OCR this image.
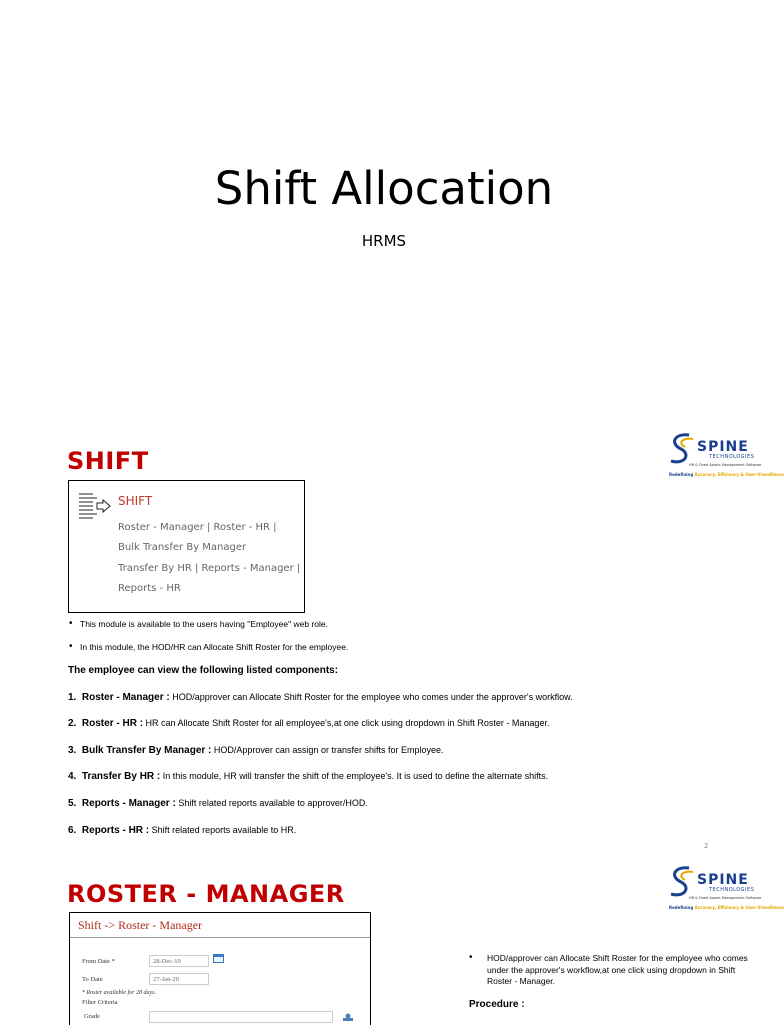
Shift Allocation
HRMS
SPINE
TECHNOLOGIES
HR & Fixed Assets Management Software
Redefining Accuracy, Efficiency & User-friendliness
SHIFT
SHIFT
Roster - Manager | Roster - HR |
Bulk Transfer By Manager
Transfer By HR | Reports - Manager |
Reports - HR
• This module is available to the users having "Employee" web role.
• In this module, the HOD/HR can Allocate Shift Roster for the employee.
The employee can view the following listed components:
1. Roster - Manager : HOD/approver can Allocate Shift Roster for the employee who comes under the approver's workflow.
2. Roster - HR : HR can Allocate Shift Roster for all employee's,at one click using dropdown in Shift Roster - Manager.
3. Bulk Transfer By Manager : HOD/Approver can assign or transfer shifts for Employee.
4. Transfer By HR : In this module, HR will transfer the shift of the employee's. It is used to define the alternate shifts.
5. Reports - Manager : Shift related reports available to approver/HOD.
6. Reports - HR : Shift related reports available to HR.
2
SPINE
TECHNOLOGIES
HR & Fixed Assets Management Software
Redefining Accuracy, Efficiency & User-friendliness
ROSTER - MANAGER
Shift -> Roster - Manager
From Date *	28-Dec-10
To Date	27-Jan-20
* Roster available for 28 days.
Filter Criteria
Grade
• HOD/approver can Allocate Shift Roster for the employee who comes under the approver's workflow,at one click using dropdown in Shift Roster - Manager.
Procedure :
